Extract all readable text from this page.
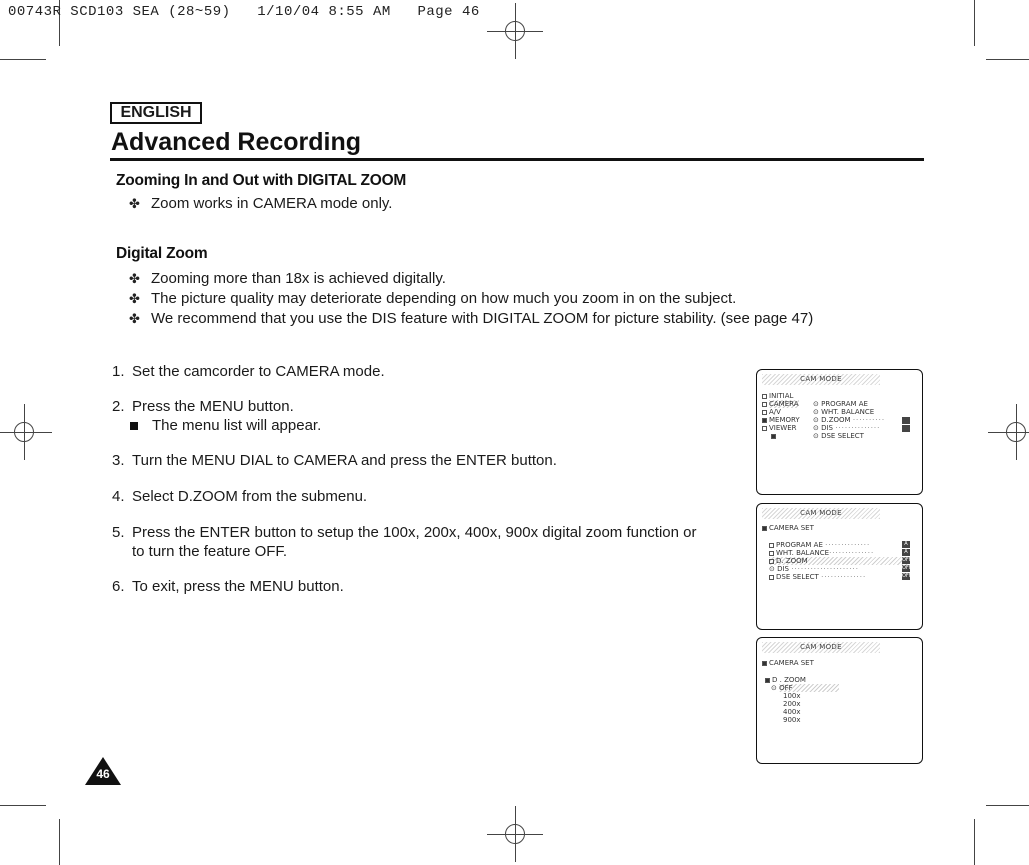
00743R SCD103 SEA (28~59)   1/10/04 8:55 AM   Page 46
ENGLISH
Advanced Recording
Zooming In and Out with DIGITAL ZOOM
✤ Zoom works in CAMERA mode only.
Digital Zoom
✤ Zooming more than 18x is achieved digitally.
✤ The picture quality may deteriorate depending on how much you zoom in on the subject.
✤ We recommend that you use the DIS feature with DIGITAL ZOOM for picture stability. (see page 47)
1. Set the camcorder to CAMERA mode.
2. Press the MENU button.
The menu list will appear.
3. Turn the MENU DIAL to CAMERA and press the ENTER button.
4. Select D.ZOOM from the submenu.
5. Press the ENTER button to setup the 100x, 200x, 400x, 900x digital zoom function or
to turn the feature OFF.
6. To exit, press the MENU button.
CAM MODE
INITIAL
CAMERA
A/V
MEMORY
VIEWER
⊙ PROGRAM AE
⊙ WHT. BALANCE
⊙ D.ZOOM ··········
⊙ DIS ··············
⊙ DSE SELECT
CAM MODE
CAMERA SET
PROGRAM AE ··············
WHT. BALANCE··············
D. ZOOM
⊙ DIS ·····················
DSE SELECT ··············
A
A
OFF
OFF
OFF
CAM MODE
CAMERA SET
D . ZOOM
⊙ OFF
100x
200x
400x
900x
46
